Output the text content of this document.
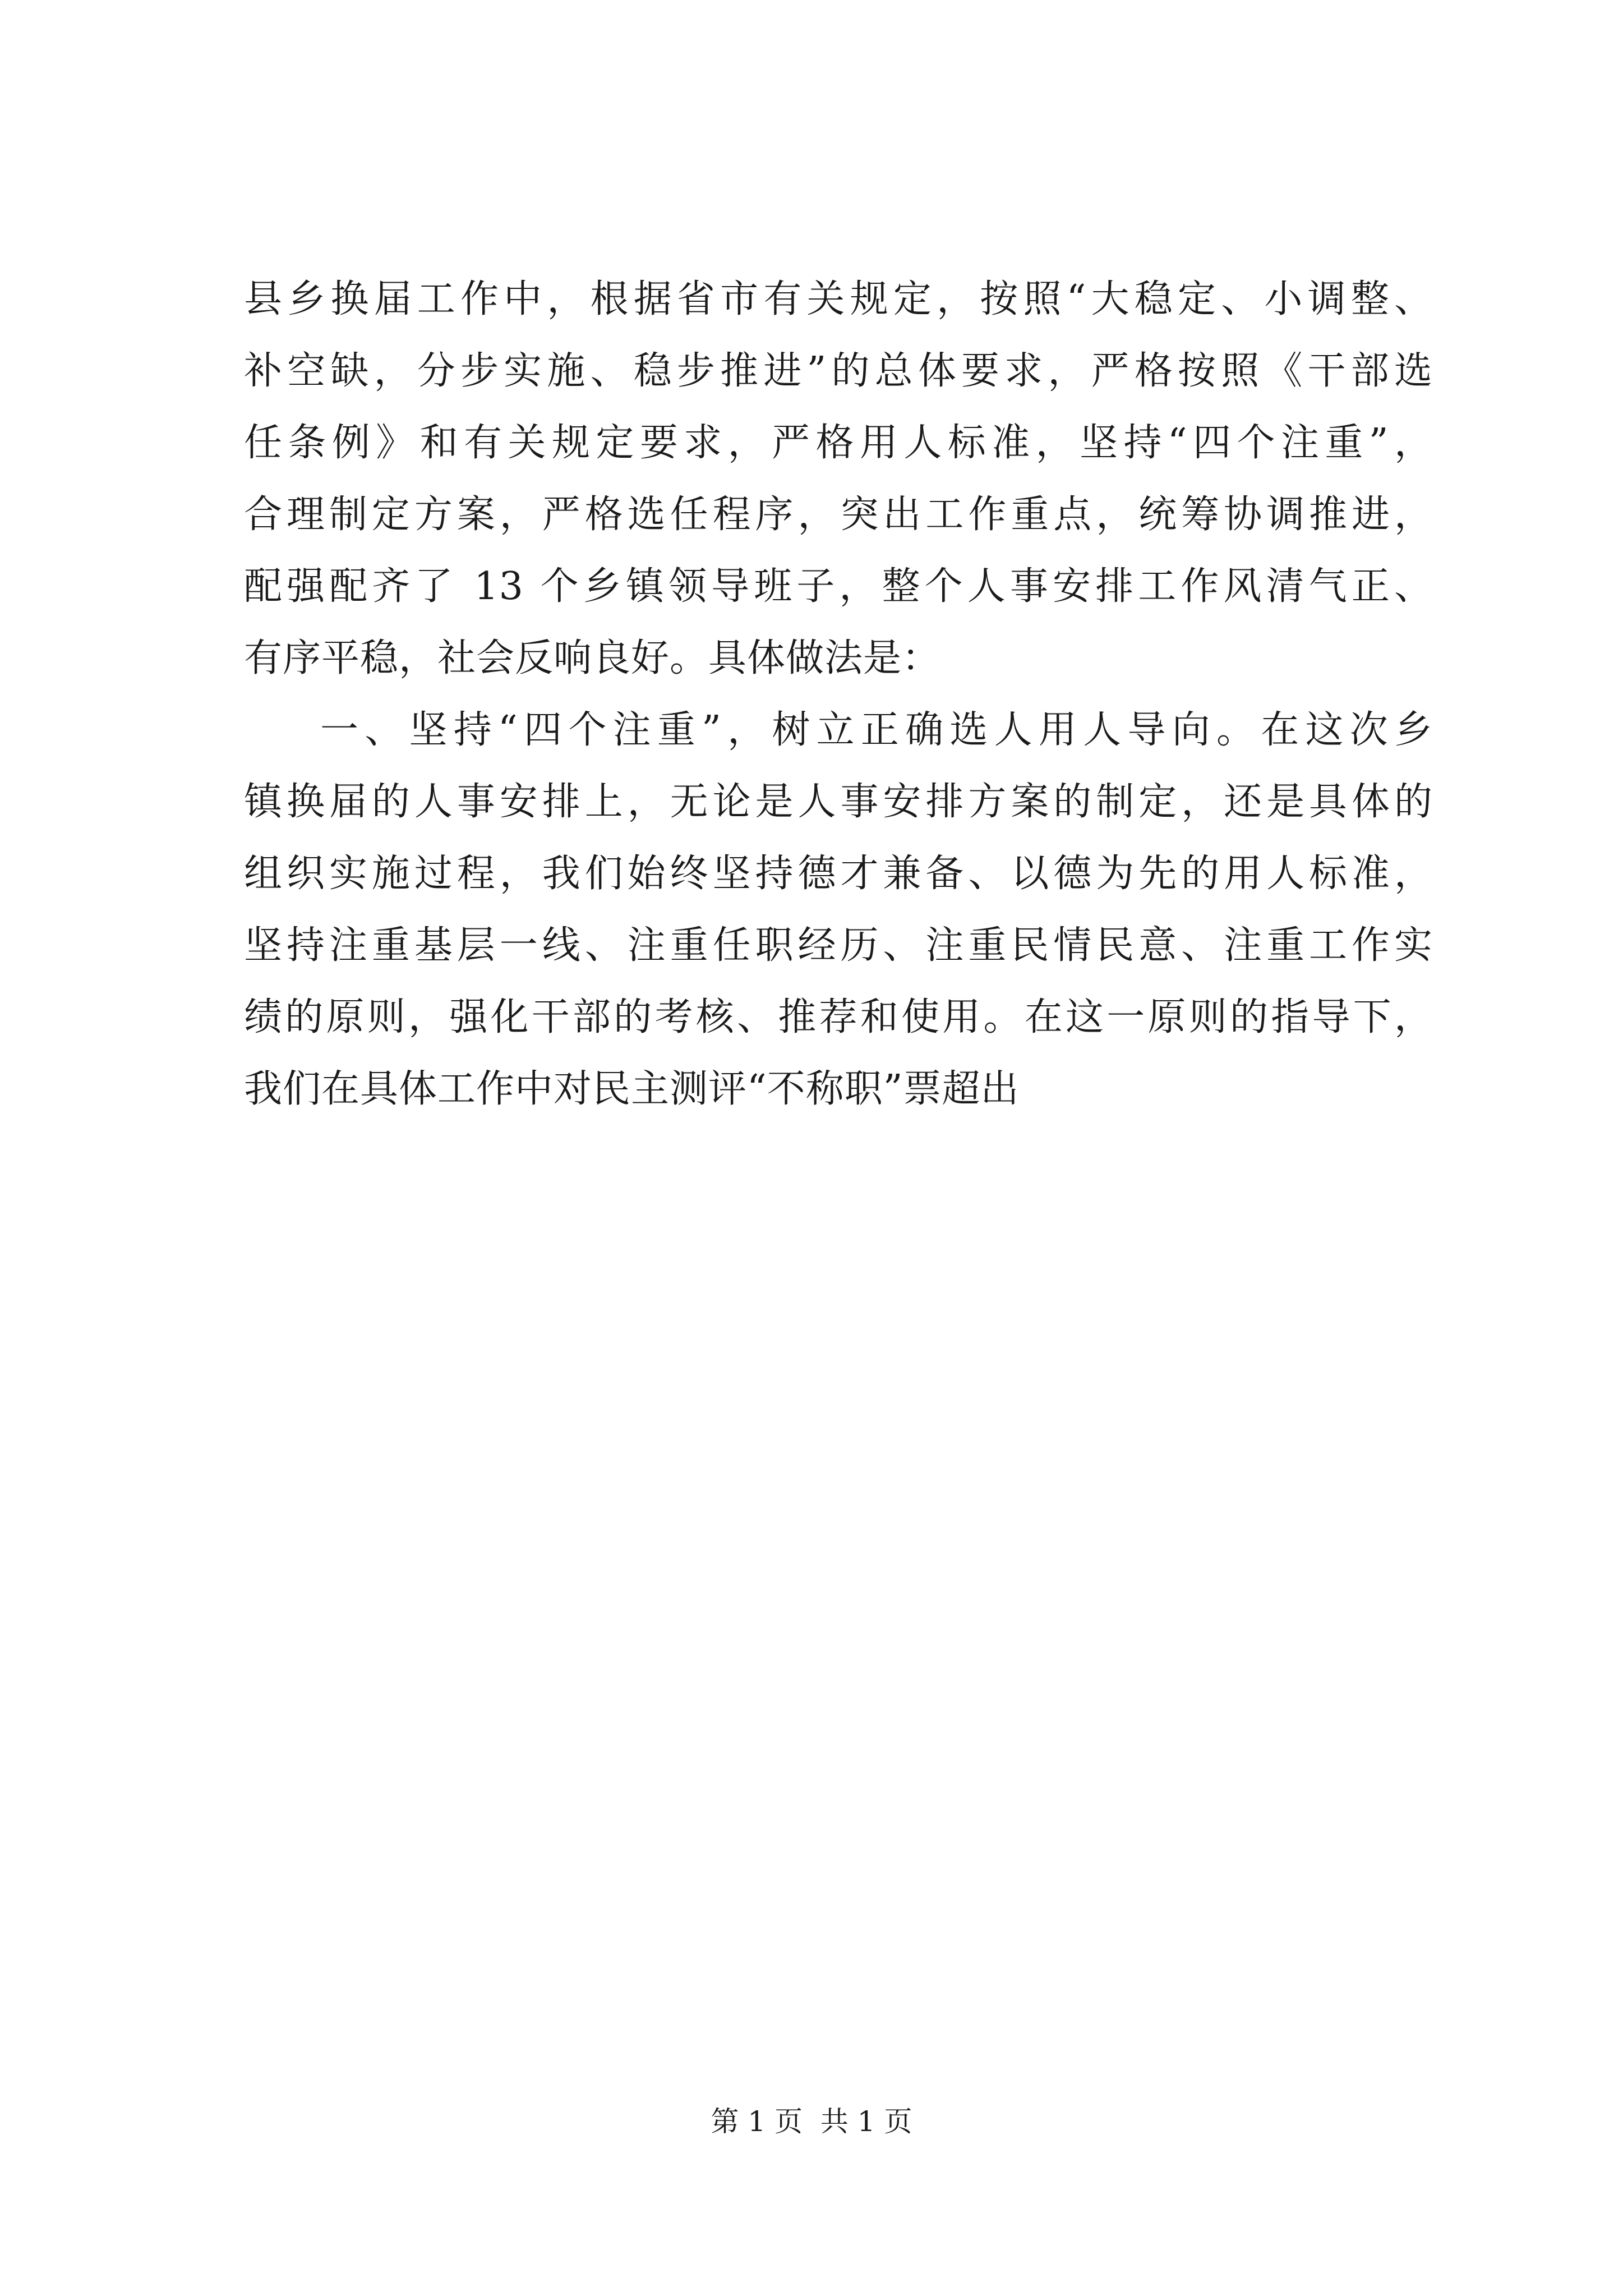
县乡换届工作中，根据省市有关规定，按照“大稳定、小调整、
补空缺，分步实施、稳步推进”的总体要求，严格按照《干部选
任条例》和有关规定要求，严格用人标准，坚持“四个注重”，
合理制定方案，严格选任程序，突出工作重点，统筹协调推进，
配强配齐了 13 个乡镇领导班子，整个人事安排工作风清气正、
有序平稳，社会反响良好。具体做法是：
一、坚持“四个注重”，树立正确选人用人导向。在这次乡
镇换届的人事安排上，无论是人事安排方案的制定，还是具体的
组织实施过程，我们始终坚持德才兼备、以德为先的用人标准，
坚持注重基层一线、注重任职经历、注重民情民意、注重工作实
绩的原则，强化干部的考核、推荐和使用。在这一原则的指导下，
我们在具体工作中对民主测评“不称职”票超出
第 1 页  共 1 页
